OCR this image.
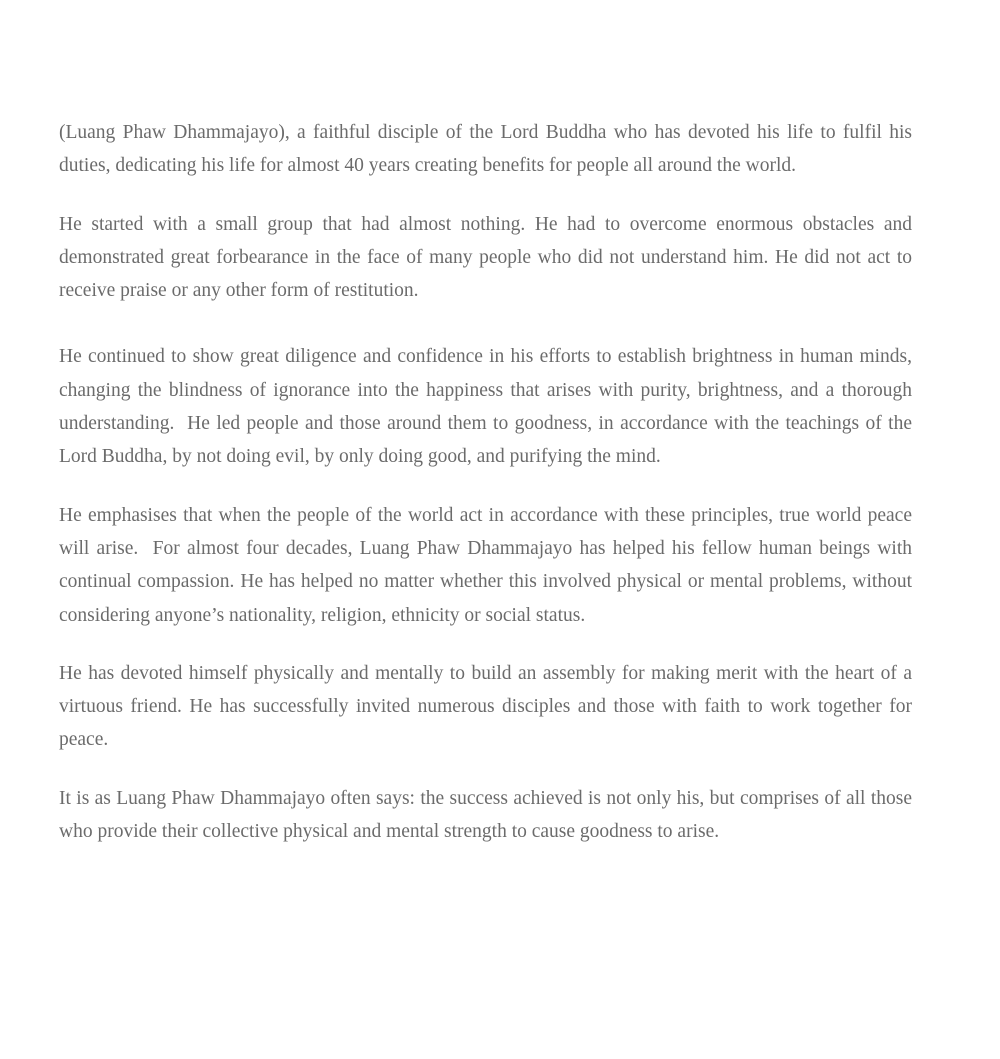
(Luang Phaw Dhammajayo), a faithful disciple of the Lord Buddha who has devoted his life to fulfil his duties, dedicating his life for almost 40 years creating benefits for people all around the world.

He started with a small group that had almost nothing. He had to overcome enormous obstacles and demonstrated great forbearance in the face of many people who did not understand him. He did not act to receive praise or any other form of restitution.

He continued to show great diligence and confidence in his efforts to establish brightness in human minds, changing the blindness of ignorance into the happiness that arises with purity, brightness, and a thorough understanding.  He led people and those around them to goodness, in accordance with the teachings of the Lord Buddha, by not doing evil, by only doing good, and purifying the mind.

He emphasises that when the people of the world act in accordance with these principles, true world peace will arise.  For almost four decades, Luang Phaw Dhammajayo has helped his fellow human beings with continual compassion. He has helped no matter whether this involved physical or mental problems, without considering anyone’s nationality, religion, ethnicity or social status.

He has devoted himself physically and mentally to build an assembly for making merit with the heart of a virtuous friend. He has successfully invited numerous disciples and those with faith to work together for peace.

It is as Luang Phaw Dhammajayo often says: the success achieved is not only his, but comprises of all those who provide their collective physical and mental strength to cause goodness to arise.
